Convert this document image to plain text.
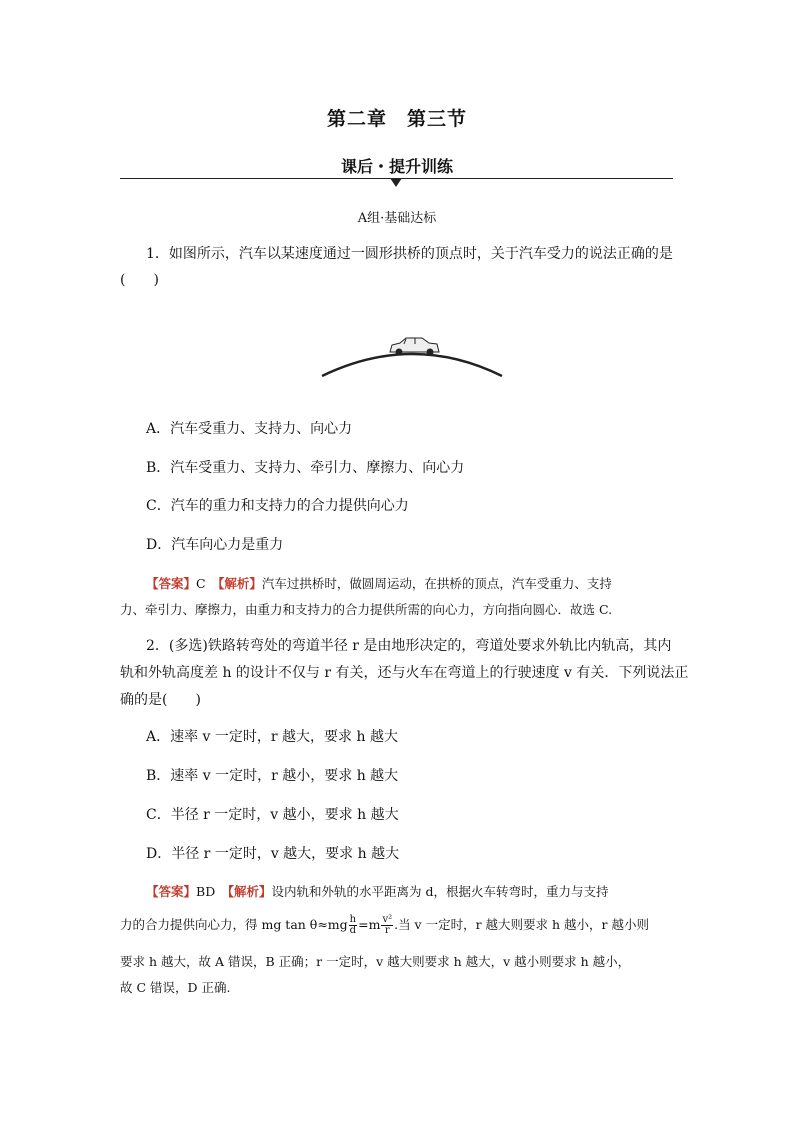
第二章　第三节
课后・提升训练
A组·基础达标
1．如图所示，汽车以某速度通过一圆形拱桥的顶点时，关于汽车受力的说法正确的是
(　　)
A．汽车受重力、支持力、向心力
B．汽车受重力、支持力、牵引力、摩擦力、向心力
C．汽车的重力和支持力的合力提供向心力
D．汽车向心力是重力
【答案】C　 【解析】汽车过拱桥时，做圆周运动，在拱桥的顶点，汽车受重力、支持
力、牵引力、摩擦力，由重力和支持力的合力提供所需的向心力，方向指向圆心．故选 C.
2．(多选)铁路转弯处的弯道半径 r 是由地形决定的，弯道处要求外轨比内轨高，其内
轨和外轨高度差 h 的设计不仅与 r 有关，还与火车在弯道上的行驶速度 v 有关．下列说法正
确的是(　　)
A．速率 v 一定时，r 越大，要求 h 越大
B．速率 v 一定时，r 越小，要求 h 越大
C．半径 r 一定时，v 越小，要求 h 越大
D．半径 r 一定时，v 越大，要求 h 越大
【答案】BD　 【解析】设内轨和外轨的水平距离为 d，根据火车转弯时，重力与支持
力的合力提供向心力，得 mg $\tan \theta\approx mg \frac{h}{d} =m \frac{\text{v²}}{r}$ .当 v 一定时，r 越大则要求 h 越小，r 越小则
要求 h 越大，故 A 错误，B 正确；r 一定时，v 越大则要求 h 越大，v 越小则要求 h 越小，
故 C 错误，D 正确.
